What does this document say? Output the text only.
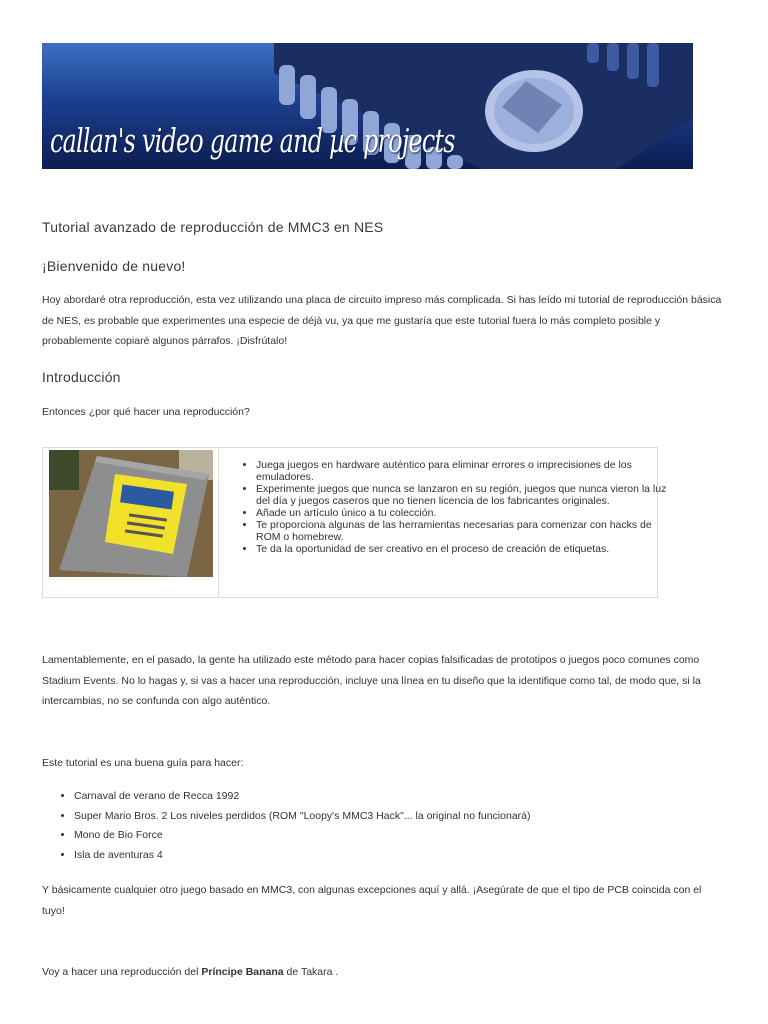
callan's video game and µc projects
Tutorial avanzado de reproducción de MMC3 en NES
¡Bienvenido de nuevo!

Hoy abordaré otra reproducción, esta vez utilizando una placa de circuito impreso más complicada. Si has leído mi tutorial de reproducción básica de NES, es probable que experimentes una especie de déjà vu, ya que me gustaría que este tutorial fuera lo más completo posible y probablemente copiaré algunos párrafos. ¡Disfrútalo!

Introducción

Entonces ¿por qué hacer una reproducción?

• Juega juegos en hardware auténtico para eliminar errores o imprecisiones de los emuladores.
• Experimente juegos que nunca se lanzaron en su región, juegos que nunca vieron la luz del día y juegos caseros que no tienen licencia de los fabricantes originales.
• Añade un artículo único a tu colección.
• Te proporciona algunas de las herramientas necesarias para comenzar con hacks de ROM o homebrew.
• Te da la oportunidad de ser creativo en el proceso de creación de etiquetas.

Lamentablemente, en el pasado, la gente ha utilizado este método para hacer copias falsificadas de prototipos o juegos poco comunes como Stadium Events. No lo hagas y, si vas a hacer una reproducción, incluye una línea en tu diseño que la identifique como tal, de modo que, si la intercambias, no se confunda con algo auténtico.

Este tutorial es una buena guía para hacer:

• Carnaval de verano de Recca 1992
• Super Mario Bros. 2 Los niveles perdidos (ROM "Loopy's MMC3 Hack"... la original no funcionará)
• Mono de Bio Force
• Isla de aventuras 4

Y básicamente cualquier otro juego basado en MMC3, con algunas excepciones aquí y allá. ¡Asegúrate de que el tipo de PCB coincida con el tuyo!

Voy a hacer una reproducción del Príncipe Banana de Takara .
